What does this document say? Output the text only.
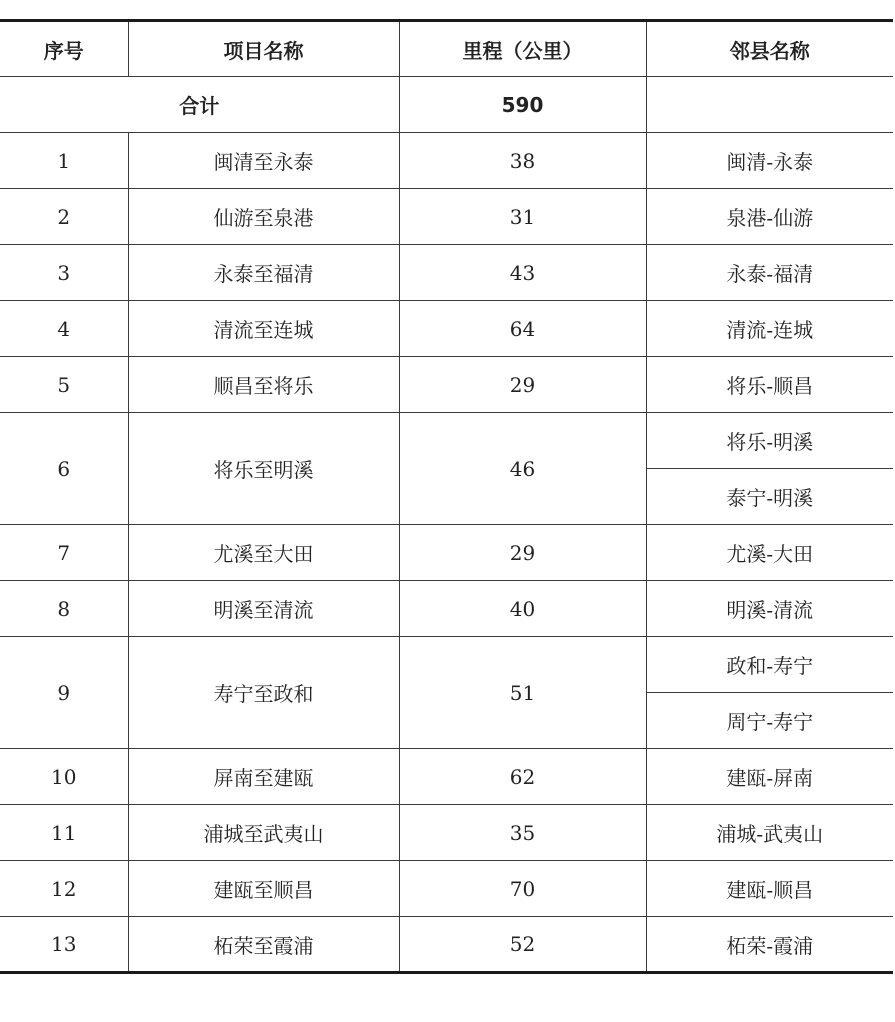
序号	项目名称	里程（公里）	邻县名称
合计		590	
1	闽清至永泰	38	闽清-永泰
2	仙游至泉港	31	泉港-仙游
3	永泰至福清	43	永泰-福清
4	清流至连城	64	清流-连城
5	顺昌至将乐	29	将乐-顺昌
6	将乐至明溪	46	将乐-明溪
			泰宁-明溪
7	尤溪至大田	29	尤溪-大田
8	明溪至清流	40	明溪-清流
9	寿宁至政和	51	政和-寿宁
			周宁-寿宁
10	屏南至建瓯	62	建瓯-屏南
11	浦城至武夷山	35	浦城-武夷山
12	建瓯至顺昌	70	建瓯-顺昌
13	柘荣至霞浦	52	柘荣-霞浦
